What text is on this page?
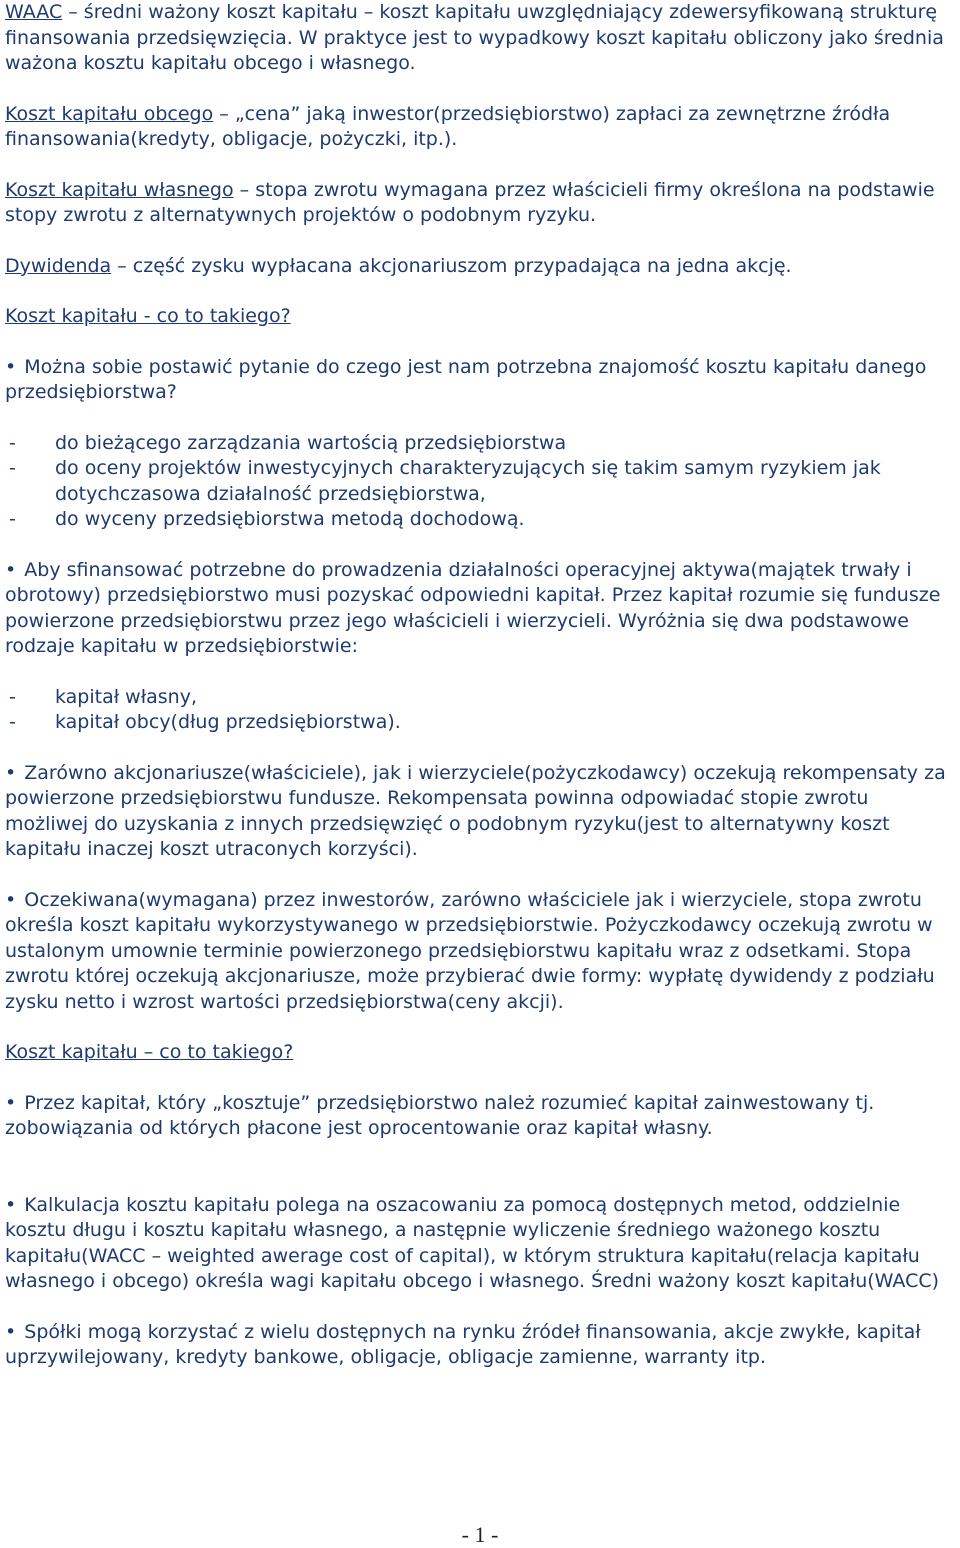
WAAC – średni ważony koszt kapitału – koszt kapitału uwzględniający zdewersyfikowaną strukturę finansowania przedsięwzięcia. W praktyce jest to wypadkowy koszt kapitału obliczony jako średnia ważona kosztu kapitału obcego i własnego.

Koszt kapitału obcego – „cena” jaką inwestor(przedsiębiorstwo) zapłaci za zewnętrzne źródła finansowania(kredyty, obligacje, pożyczki, itp.).

Koszt kapitału własnego – stopa zwrotu wymagana przez właścicieli firmy określona na podstawie stopy zwrotu z alternatywnych projektów o podobnym ryzyku.

Dywidenda – część zysku wypłacana akcjonariuszom przypadająca na jedna akcję.

Koszt kapitału - co to takiego?

• Można sobie postawić pytanie do czego jest nam potrzebna znajomość kosztu kapitału danego przedsiębiorstwa?

- do bieżącego zarządzania wartością przedsiębiorstwa

- do oceny projektów inwestycyjnych charakteryzujących się takim samym ryzykiem jak dotychczasowa działalność przedsiębiorstwa,

- do wyceny przedsiębiorstwa metodą dochodową.

• Aby sfinansować potrzebne do prowadzenia działalności operacyjnej aktywa(majątek trwały i obrotowy) przedsiębiorstwo musi pozyskać odpowiedni kapitał. Przez kapitał rozumie się fundusze powierzone przedsiębiorstwu przez jego właścicieli i wierzycieli. Wyróżnia się dwa podstawowe rodzaje kapitału w przedsiębiorstwie:

- kapitał własny,

- kapitał obcy(dług przedsiębiorstwa).

• Zarówno akcjonariusze(właściciele), jak i wierzyciele(pożyczkodawcy) oczekują rekompensaty za powierzone przedsiębiorstwu fundusze. Rekompensata powinna odpowiadać stopie zwrotu możliwej do uzyskania z innych przedsięwzięć o podobnym ryzyku(jest to alternatywny koszt kapitału inaczej koszt utraconych korzyści).

• Oczekiwana(wymagana) przez inwestorów, zarówno właściciele jak i wierzyciele, stopa zwrotu określa koszt kapitału wykorzystywanego w przedsiębiorstwie. Pożyczkodawcy oczekują zwrotu w ustalonym umownie terminie powierzonego przedsiębiorstwu kapitału wraz z odsetkami. Stopa zwrotu której oczekują akcjonariusze, może przybierać dwie formy: wypłatę dywidendy z podziału zysku netto i wzrost wartości przedsiębiorstwa(ceny akcji).

Koszt kapitału – co to takiego?

• Przez kapitał, który „kosztuje” przedsiębiorstwo należ rozumieć kapitał zainwestowany tj. zobowiązania od których płacone jest oprocentowanie oraz kapitał własny.

• Kalkulacja kosztu kapitału polega na oszacowaniu za pomocą dostępnych metod, oddzielnie kosztu długu i kosztu kapitału własnego, a następnie wyliczenie średniego ważonego kosztu kapitału(WACC – weighted awerage cost of capital), w którym struktura kapitału(relacja kapitału własnego i obcego) określa wagi kapitału obcego i własnego. Średni ważony koszt kapitału(WACC)

• Spółki mogą korzystać z wielu dostępnych na rynku źródeł finansowania, akcje zwykłe, kapitał uprzywilejowany, kredyty bankowe, obligacje, obligacje zamienne, warranty itp.

- 1 -
